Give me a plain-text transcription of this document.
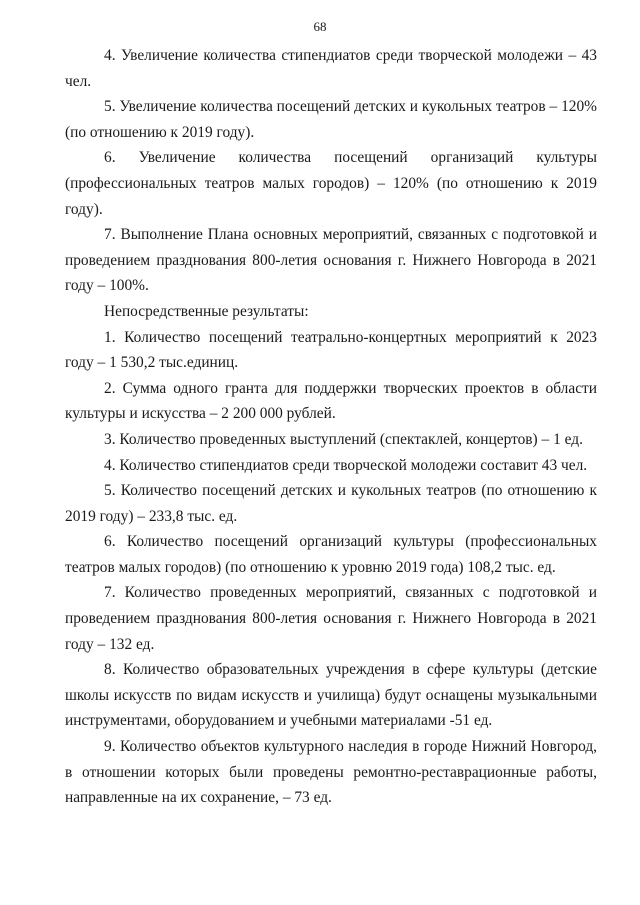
68

4. Увеличение количества стипендиатов среди творческой молодежи – 43 чел.

5. Увеличение количества посещений детских и кукольных театров – 120% (по отношению к 2019 году).

6. Увеличение количества посещений организаций культуры (профессиональных театров малых городов) – 120% (по отношению к 2019 году).

7. Выполнение Плана основных мероприятий, связанных с подготовкой и проведением празднования 800-летия основания г. Нижнего Новгорода в 2021 году – 100%.

Непосредственные результаты:

1. Количество посещений театрально-концертных мероприятий к 2023 году – 1 530,2 тыс.единиц.

2. Сумма одного гранта для поддержки творческих проектов в области культуры и искусства – 2 200 000 рублей.

3. Количество проведенных выступлений (спектаклей, концертов) – 1 ед.

4. Количество стипендиатов среди творческой молодежи составит 43 чел.

5. Количество посещений детских и кукольных театров (по отношению к 2019 году) – 233,8 тыс. ед.

6. Количество посещений организаций культуры (профессиональных театров малых городов) (по отношению к уровню 2019 года) 108,2 тыс. ед.

7. Количество проведенных мероприятий, связанных с подготовкой и проведением празднования 800-летия основания г. Нижнего Новгорода в 2021 году – 132 ед.

8. Количество образовательных учреждения в сфере культуры (детские школы искусств по видам искусств и училища) будут оснащены музыкальными инструментами, оборудованием и учебными материалами -51 ед.

9. Количество объектов культурного наследия в городе Нижний Новгород, в отношении которых были проведены ремонтно-реставрационные работы, направленные на их сохранение, – 73 ед.
